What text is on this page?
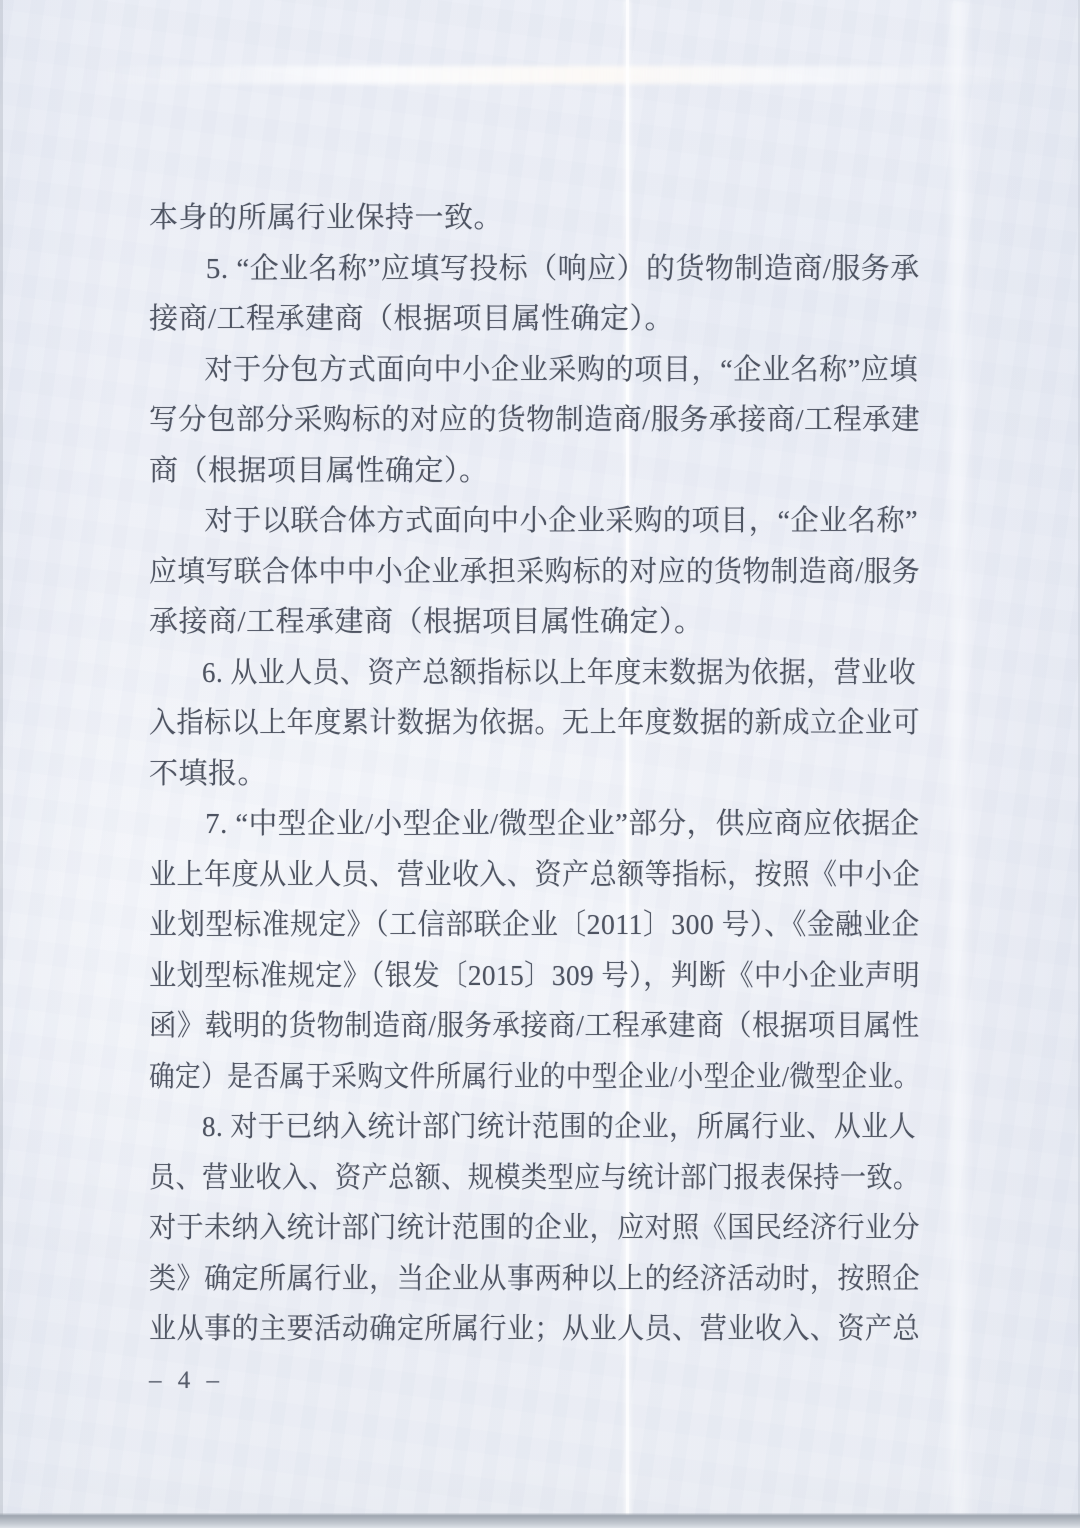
本身的所属行业保持一致。
5. “企业名称”应填写投标（响应）的货物制造商/服务承
接商/工程承建商（根据项目属性确定）。
对于分包方式面向中小企业采购的项目，“企业名称”应填
写分包部分采购标的对应的货物制造商/服务承接商/工程承建
商（根据项目属性确定）。
对于以联合体方式面向中小企业采购的项目，“企业名称”
应填写联合体中中小企业承担采购标的对应的货物制造商/服务
承接商/工程承建商（根据项目属性确定）。
6. 从业人员、资产总额指标以上年度末数据为依据，营业收
入指标以上年度累计数据为依据。无上年度数据的新成立企业可
不填报。
7. “中型企业/小型企业/微型企业”部分，供应商应依据企
业上年度从业人员、营业收入、资产总额等指标，按照《中小企
业划型标准规定》（工信部联企业〔2011〕300 号）、《金融业企
业划型标准规定》（银发〔2015〕309 号），判断《中小企业声明
函》载明的货物制造商/服务承接商/工程承建商（根据项目属性
确定）是否属于采购文件所属行业的中型企业/小型企业/微型企业。
8. 对于已纳入统计部门统计范围的企业，所属行业、从业人
员、营业收入、资产总额、规模类型应与统计部门报表保持一致。
对于未纳入统计部门统计范围的企业，应对照《国民经济行业分
类》确定所属行业，当企业从事两种以上的经济活动时，按照企
业从事的主要活动确定所属行业；从业人员、营业收入、资产总
– 4 –
